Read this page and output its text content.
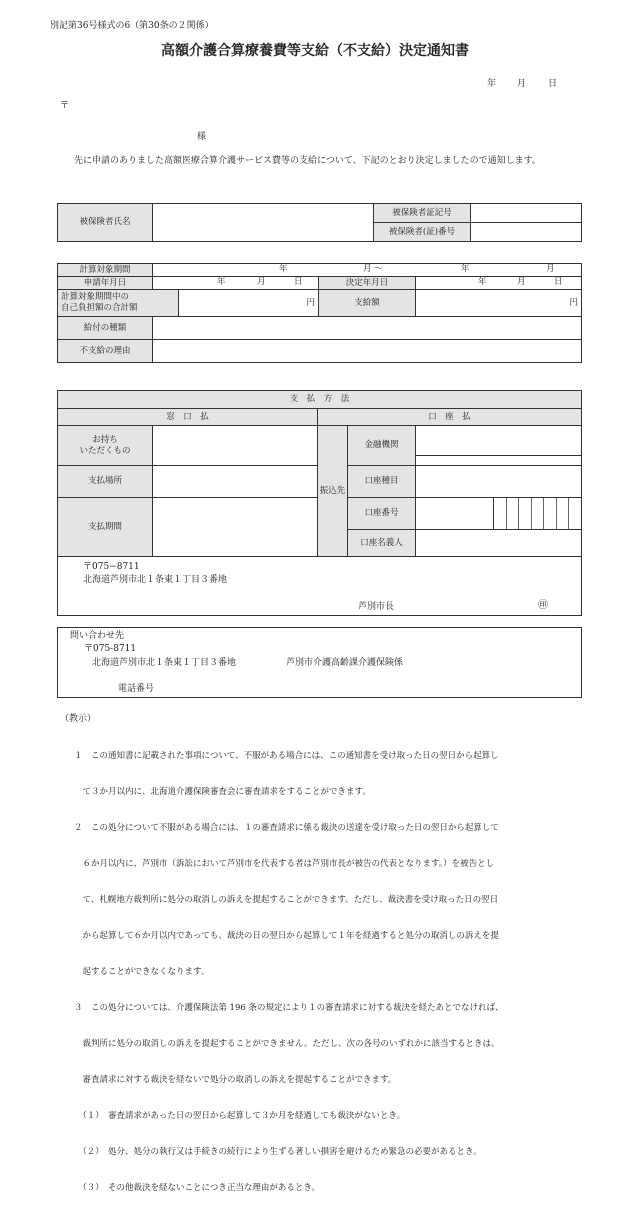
別記第36号様式の6（第30条の２関係）
高額介護合算療養費等支給（不支給）決定通知書
年 月 日
〒
様
先に申請のありました高額医療合算介護サービス費等の支給について、下記のとおり決定しましたので通知します。
被保険者氏名		被保険者証記号	
		被保険者(証)番号	
計算対象期間	年 月 〜 年 月			

申請年月日	年 月 日		決定年月日	年 月 日

計算対象期間中の
自己負担額の合計額		円	支給額	円
給付の種類				
不支給の理由				
支　払　方　法					
窓　口　払		口　座　払			

お持ち
いただくもの		振込先	金融機関		

支払場所			口座種目		
支払期間			口座番号		

			口座名義人		
〒075−8711
北海道芦別市北１条東１丁目３番地
芦別市長	㊞
問い合わせ先
〒075-8711
北海道芦別市北１条東１丁目３番地	芦別市介護高齢課介護保険係
電話番号
（教示）

１　この通知書に記載された事項について、不服がある場合には、この通知書を受け取った日の翌日から起算し

　て３か月以内に、北海道介護保険審査会に審査請求をすることができます。

２　この処分について不服がある場合には、１の審査請求に係る裁決の送達を受け取った日の翌日から起算して

　６か月以内に、芦別市（訴訟において芦別市を代表する者は芦別市長が被告の代表となります。）を被告とし

　て、札幌地方裁判所に処分の取消しの訴えを提起することができます。ただし、裁決書を受け取った日の翌日

　から起算して６か月以内であっても、裁決の日の翌日から起算して１年を経過すると処分の取消しの訴えを提

　起することができなくなります。

３　この処分については、介護保険法第 196 条の規定により１の審査請求に対する裁決を経たあとでなければ、

　裁判所に処分の取消しの訴えを提起することができません。ただし、次の各号のいずれかに該当するときは、

　審査請求に対する裁決を経ないで処分の取消しの訴えを提起することができます。

　（１）　審査請求があった日の翌日から起算して３か月を経過しても裁決がないとき。

　（２）　処分、処分の執行又は手続きの続行により生ずる著しい損害を避けるため緊急の必要があるとき。

　（３）　その他裁決を経ないことにつき正当な理由があるとき。
